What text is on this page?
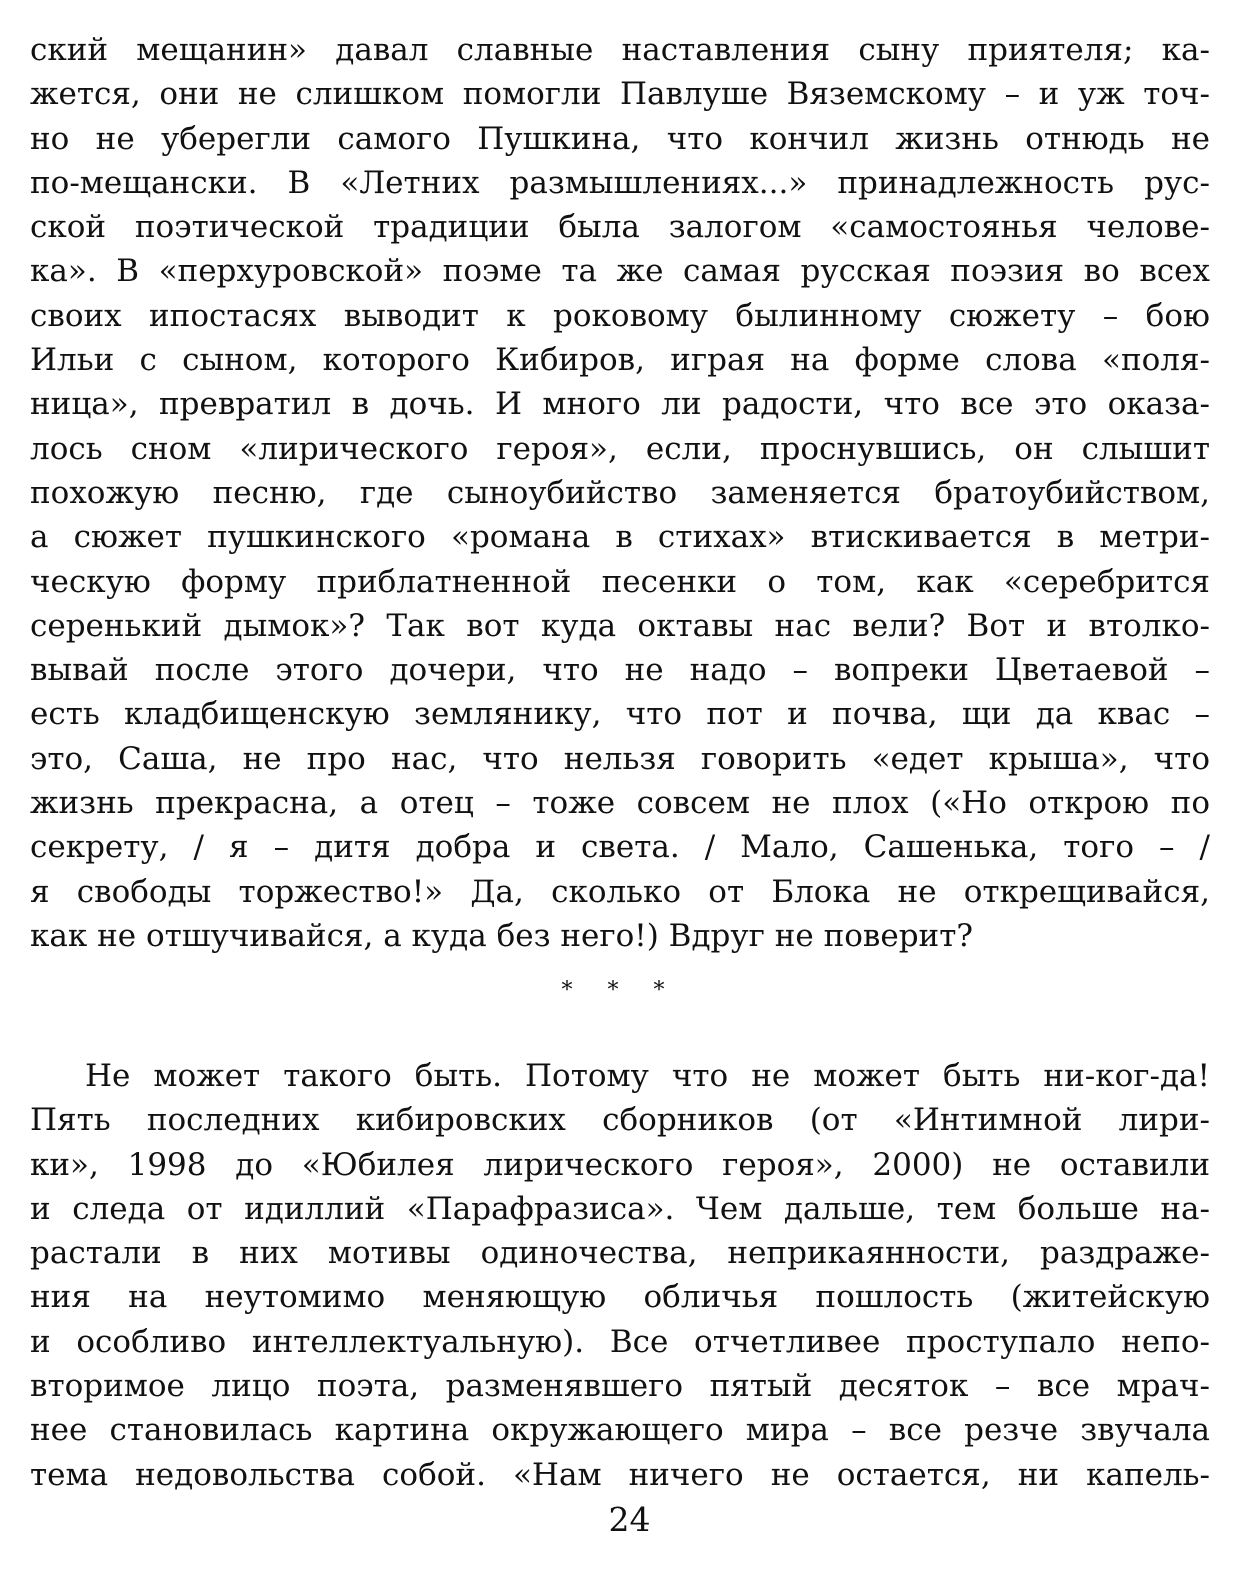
ский мещанин» давал славные наставления сыну приятеля; ка-
жется, они не слишком помогли Павлуше Вяземскому – и уж точ-
но не уберегли самого Пушкина, что кончил жизнь отнюдь не
по-мещански. В «Летних размышлениях...» принадлежность рус-
ской поэтической традиции была залогом «самостоянья челове-
ка». В «перхуровской» поэме та же самая русская поэзия во всех
своих ипостасях выводит к роковому былинному сюжету – бою
Ильи с сыном, которого Кибиров, играя на форме слова «поля-
ница», превратил в дочь. И много ли радости, что все это оказа-
лось сном «лирического героя», если, проснувшись, он слышит
похожую песню, где сыноубийство заменяется братоубийством,
а сюжет пушкинского «романа в стихах» втискивается в метри-
ческую форму приблатненной песенки о том, как «серебрится
серенький дымок»? Так вот куда октавы нас вели? Вот и втолко-
вывай после этого дочери, что не надо – вопреки Цветаевой –
есть кладбищенскую землянику, что пот и почва, щи да квас –
это, Саша, не про нас, что нельзя говорить «едет крыша», что
жизнь прекрасна, а отец – тоже совсем не плох («Но открою по
секрету, / я – дитя добра и света. / Мало, Сашенька, того – /
я свободы торжество!» Да, сколько от Блока не открещивайся,
как не отшучивайся, а куда без него!) Вдруг не поверит?

* * *

Не может такого быть. Потому что не может быть ни-ког-да!
Пять последних кибировских сборников (от «Интимной лири-
ки», 1998 до «Юбилея лирического героя», 2000) не оставили
и следа от идиллий «Парафразиса». Чем дальше, тем больше на-
растали в них мотивы одиночества, неприкаянности, раздраже-
ния на неутомимо меняющую обличья пошлость (житейскую
и особливо интеллектуальную). Все отчетливее проступало непо-
вторимое лицо поэта, разменявшего пятый десяток – все мрач-
нее становилась картина окружающего мира – все резче звучала
тема недовольства собой. «Нам ничего не остается, ни капель-

24
